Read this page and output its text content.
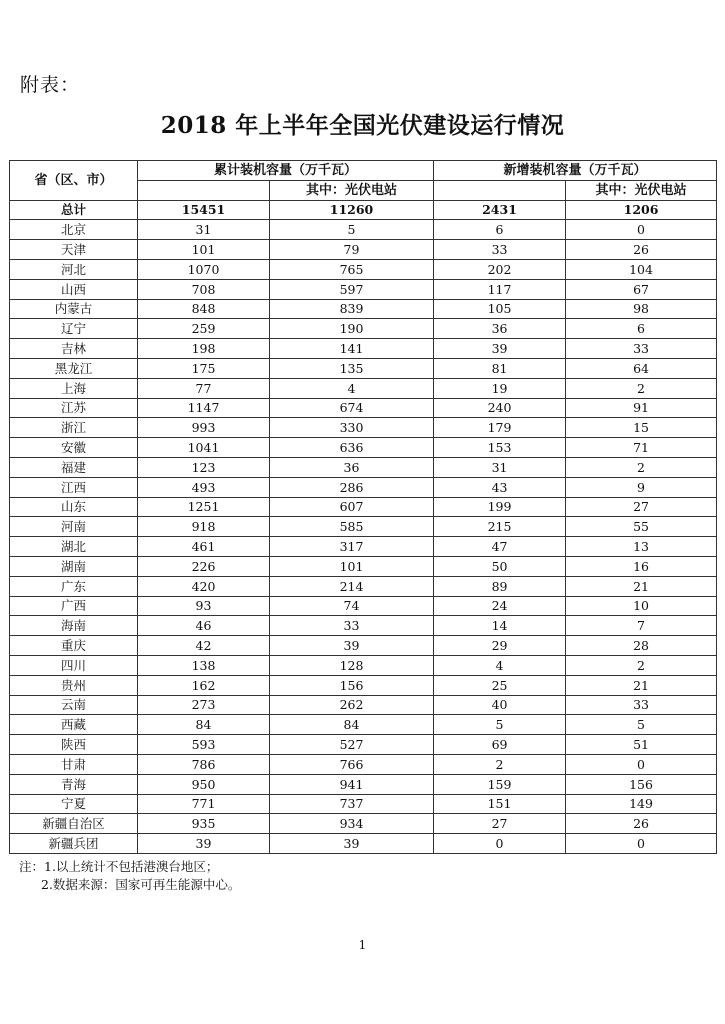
附表：
2018 年上半年全国光伏建设运行情况
省（区、市）	累计装机容量（万千瓦）		新增装机容量（万千瓦）	
		其中：光伏电站		其中：光伏电站
总计	15451	11260	2431	1206
北京	31	5	6	0
天津	101	79	33	26
河北	1070	765	202	104
山西	708	597	117	67
内蒙古	848	839	105	98
辽宁	259	190	36	6
吉林	198	141	39	33
黑龙江	175	135	81	64
上海	77	4	19	2
江苏	1147	674	240	91
浙江	993	330	179	15
安徽	1041	636	153	71
福建	123	36	31	2
江西	493	286	43	9
山东	1251	607	199	27
河南	918	585	215	55
湖北	461	317	47	13
湖南	226	101	50	16
广东	420	214	89	21
广西	93	74	24	10
海南	46	33	14	7
重庆	42	39	29	28
四川	138	128	4	2
贵州	162	156	25	21
云南	273	262	40	33
西藏	84	84	5	5
陕西	593	527	69	51
甘肃	786	766	2	0
青海	950	941	159	156
宁夏	771	737	151	149
新疆自治区	935	934	27	26
新疆兵团	39	39	0	0
注：1.以上统计不包括港澳台地区；
2.数据来源：国家可再生能源中心。
1
